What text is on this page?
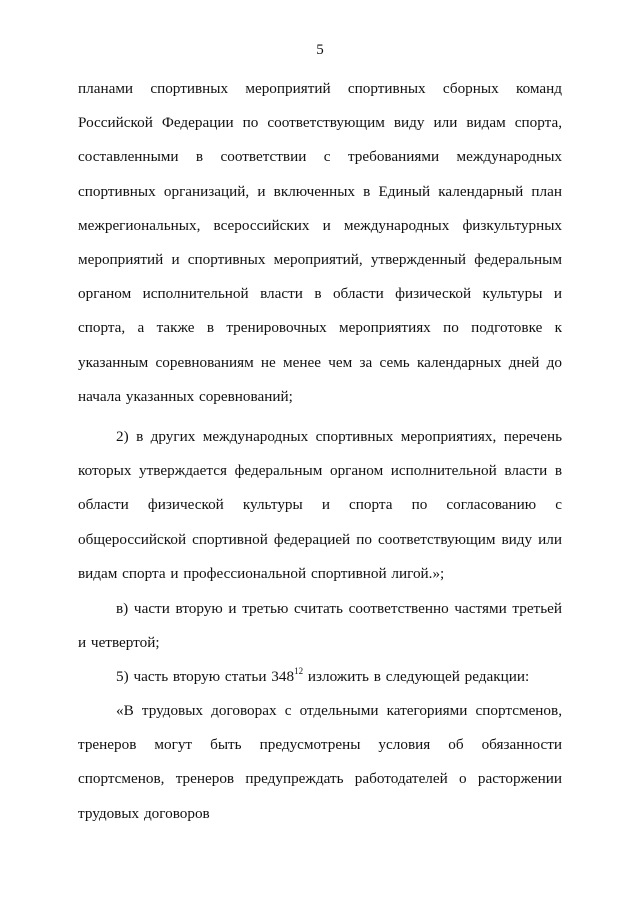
5

планами спортивных мероприятий спортивных сборных команд Российской Федерации по соответствующим виду или видам спорта, составленными в соответствии с требованиями международных спортивных организаций, и включенных в Единый календарный план межрегиональных, всероссийских и международных физкультурных мероприятий и спортивных мероприятий, утвержденный федеральным органом исполнительной власти в области физической культуры и спорта, а также в тренировочных мероприятиях по подготовке к указанным соревнованиям не менее чем за семь календарных дней до начала указанных соревнований;

2) в других международных спортивных мероприятиях, перечень которых утверждается федеральным органом исполнительной власти в области физической культуры и спорта по согласованию с общероссийской спортивной федерацией по соответствующим виду или видам спорта и профессиональной спортивной лигой.»;

в) части вторую и третью считать соответственно частями третьей и четвертой;

5) часть вторую статьи $348^{12}$ изложить в следующей редакции:

«В трудовых договорах с отдельными категориями спортсменов, тренеров могут быть предусмотрены условия об обязанности спортсменов, тренеров предупреждать работодателей о расторжении трудовых договоров
